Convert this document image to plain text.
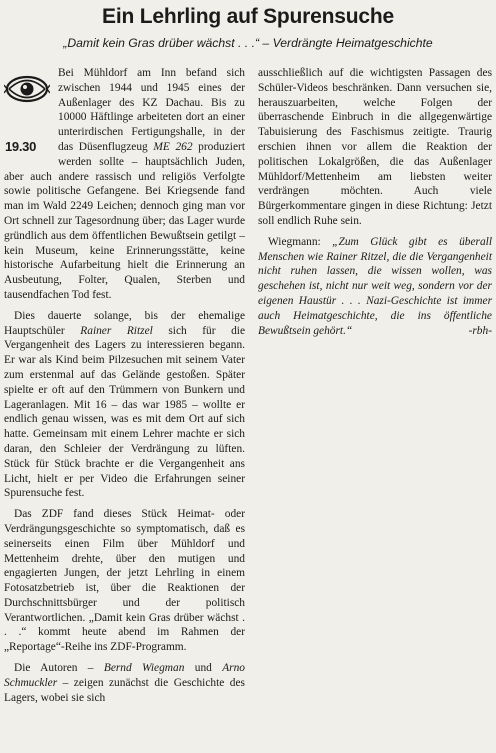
Ein Lehrling auf Spurensuche
„Damit kein Gras drüber wächst . . .“ – Verdrängte Heimatgeschichte

19.30
Bei Mühldorf am Inn befand sich zwischen 1944 und 1945 eines der Außenlager des KZ Dachau. Bis zu 10000 Häftlinge arbeiteten dort an einer unterirdischen Fertigungshalle, in der das Düsenflugzeug ME 262 produziert werden sollte – hauptsächlich Juden, aber auch andere rassisch und religiös Verfolgte sowie politische Gefangene. Bei Kriegsende fand man im Wald 2249 Leichen; dennoch ging man vor Ort schnell zur Tagesordnung über; das Lager wurde gründlich aus dem öffentlichen Bewußtsein getilgt – kein Museum, keine Erinnerungsstätte, keine historische Aufarbeitung hielt die Erinnerung an Ausbeutung, Folter, Qualen, Sterben und tausendfachen Tod fest.

Dies dauerte solange, bis der ehemalige Hauptschüler Rainer Ritzel sich für die Vergangenheit des Lagers zu interessieren begann. Er war als Kind beim Pilzesuchen mit seinem Vater zum erstenmal auf das Gelände gestoßen. Später spielte er oft auf den Trümmern von Bunkern und Lageranlagen. Mit 16 – das war 1985 – wollte er endlich genau wissen, was es mit dem Ort auf sich hatte. Gemeinsam mit einem Lehrer machte er sich daran, den Schleier der Verdrängung zu lüften. Stück für Stück brachte er die Vergangenheit ans Licht, hielt er per Video die Erfahrungen seiner Spurensuche fest.

Das ZDF fand dieses Stück Heimat- oder Verdrängungsgeschichte so symptomatisch, daß es seinerseits einen Film über Mühldorf und Mettenheim drehte, über den mutigen und engagierten Jungen, der jetzt Lehrling in einem Fotosatzbetrieb ist, über die Reaktionen der Durchschnittsbürger und der politisch Verantwortlichen. „Damit kein Gras drüber wächst . . .“ kommt heute abend im Rahmen der „Reportage“-Reihe ins ZDF-Programm.

Die Autoren – Bernd Wiegman und Arno Schmuckler – zeigen zunächst die Geschichte des Lagers, wobei sie sich

ausschließlich auf die wichtigsten Passagen des Schüler-Videos beschränken. Dann versuchen sie, herauszuarbeiten, welche Folgen der überraschende Einbruch in die allgegenwärtige Tabuisierung des Faschismus zeitigte. Traurig erschien ihnen vor allem die Reaktion der politischen Lokalgrößen, die das Außenlager Mühldorf/Mettenheim am liebsten weiter verdrängen möchten. Auch viele Bürgerkommentare gingen in diese Richtung: Jetzt soll endlich Ruhe sein.

Wiegmann: „Zum Glück gibt es überall Menschen wie Rainer Ritzel, die die Vergangenheit nicht ruhen lassen, die wissen wollen, was geschehen ist, nicht nur weit weg, sondern vor der eigenen Haustür . . . Nazi-Geschichte ist immer auch Heimatgeschichte, die ins öffentliche Bewußtsein gehört.“	-rbh-
